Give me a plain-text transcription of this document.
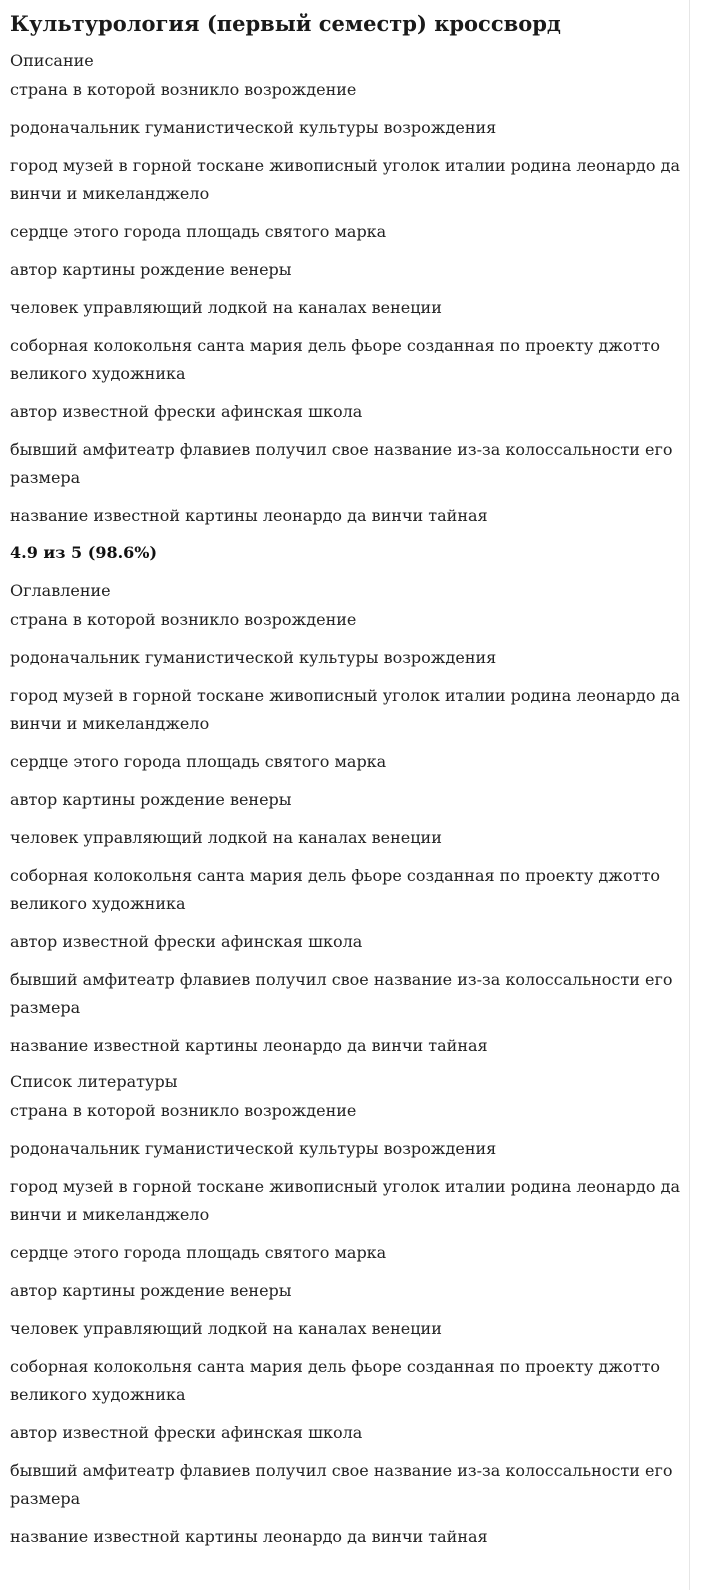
Культурология (первый семестр) кроссворд
Описание
страна в которой возникло возрождение
родоначальник гуманистической культуры возрождения
город музей в горной тоскане живописный уголок италии родина леонардо да винчи и микеланджело
сердце этого города площадь святого марка
автор картины рождение венеры
человек управляющий лодкой на каналах венеции
соборная колокольня санта мария дель фьоре созданная по проекту джотто великого художника
автор известной фрески афинская школа
бывший амфитеатр флавиев получил свое название из-за колоссальности его размера
название известной картины леонардо да винчи тайная
4.9 из 5 (98.6%)
Оглавление
страна в которой возникло возрождение
родоначальник гуманистической культуры возрождения
город музей в горной тоскане живописный уголок италии родина леонардо да винчи и микеланджело
сердце этого города площадь святого марка
автор картины рождение венеры
человек управляющий лодкой на каналах венеции
соборная колокольня санта мария дель фьоре созданная по проекту джотто великого художника
автор известной фрески афинская школа
бывший амфитеатр флавиев получил свое название из-за колоссальности его размера
название известной картины леонардо да винчи тайная
Список литературы
страна в которой возникло возрождение
родоначальник гуманистической культуры возрождения
город музей в горной тоскане живописный уголок италии родина леонардо да винчи и микеланджело
сердце этого города площадь святого марка
автор картины рождение венеры
человек управляющий лодкой на каналах венеции
соборная колокольня санта мария дель фьоре созданная по проекту джотто великого художника
автор известной фрески афинская школа
бывший амфитеатр флавиев получил свое название из-за колоссальности его размера
название известной картины леонардо да винчи тайная
